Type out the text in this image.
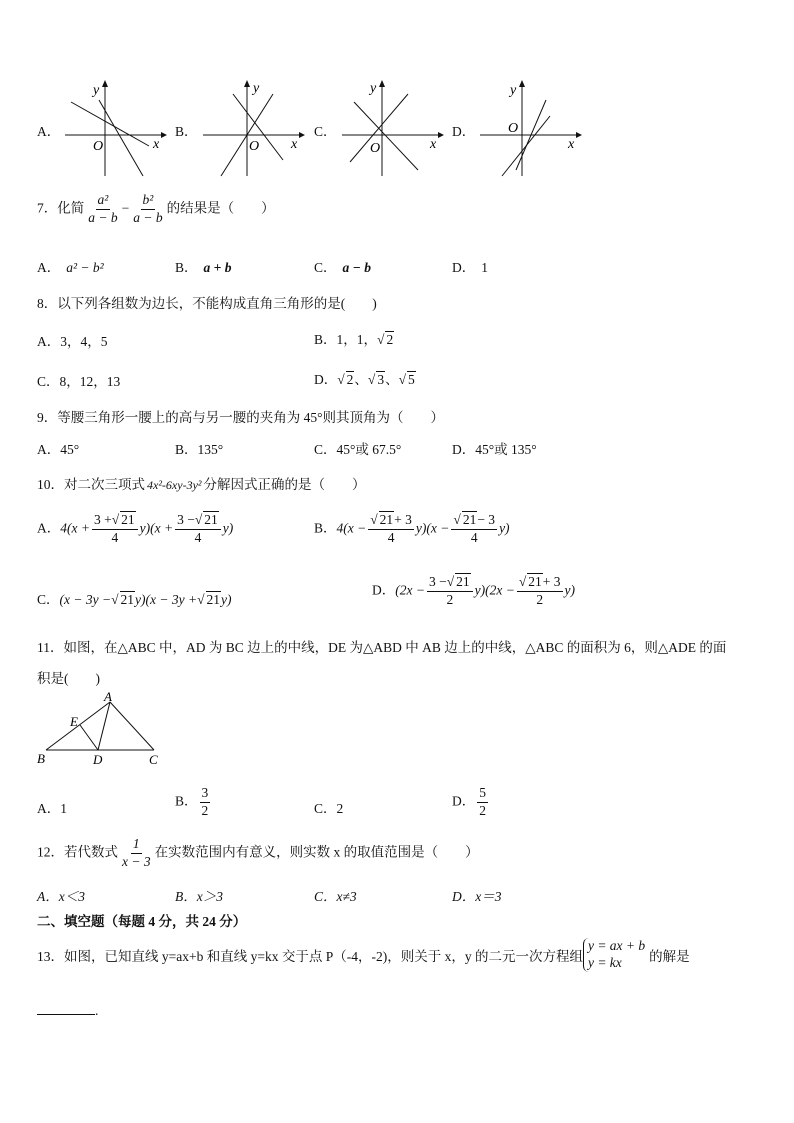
A．
y
O	x
B．
y
O x
C．
y
O	x
D．
y
O
x
7．化简 $\frac{\text{a²}}{a - b} - \frac{\text{b²}}{a - b}$ 的结果是（　　）
A． a² − b²	B． a + b	C． a − b	D． 1
8．以下列各组数为边长，不能构成直角三角形的是(　　)
A．3，4，5	B．1，1， √ 2
C．8，12，13	D． √ 2、 √ 3、 √ 5
9．等腰三角形一腰上的高与另一腰的夹角为 45°则其顶角为（　　）
A．45°	B．135°	C．45°或 67.5°	D．45°或 135°
10．对二次三项式 4x²-6xy-3y² 分解因式正确的是（　　）
A．$4(x + \frac{3 + √ 21}{4} y)(x + \frac{3 - √ 21}{4} y)$	B．4(x − √ $\frac{21+ 3}{4} y)(x$ − √ $\frac{21- 3}{4} y$)
C．(x − 3y − √ 21y)(x − 3y + √ 21y)
D．$(2x - \frac{3 - √ 21}{2} y)(2x$ − √ $\frac{21+ 3}{2} y$)
11．如图，在△ABC 中，AD 为 BC 边上的中线，DE 为△ABD 中 AB 边上的中线，△ABC 的面积为 6，则△ADE 的面
积是(　　)
A
E
B	D	C
A．1
B． $\frac{3}{2}$	C．2
D． $\frac{5}{2}$
12．若代数式 $\frac{1}{x - 3}$ 在实数范围内有意义，则实数 x 的取值范围是（　　）
A．x＜3	B．x＞3	C．x≠3	D．x＝3
二、填空题（每题 4 分，共 24 分）
13．如图，已知直线 y=ax+b 和直线 y=kx 交于点 P（-4，-2)，则关于 x，y 的二元一次方程组
y = ax + b
y = kx	的解是
.
